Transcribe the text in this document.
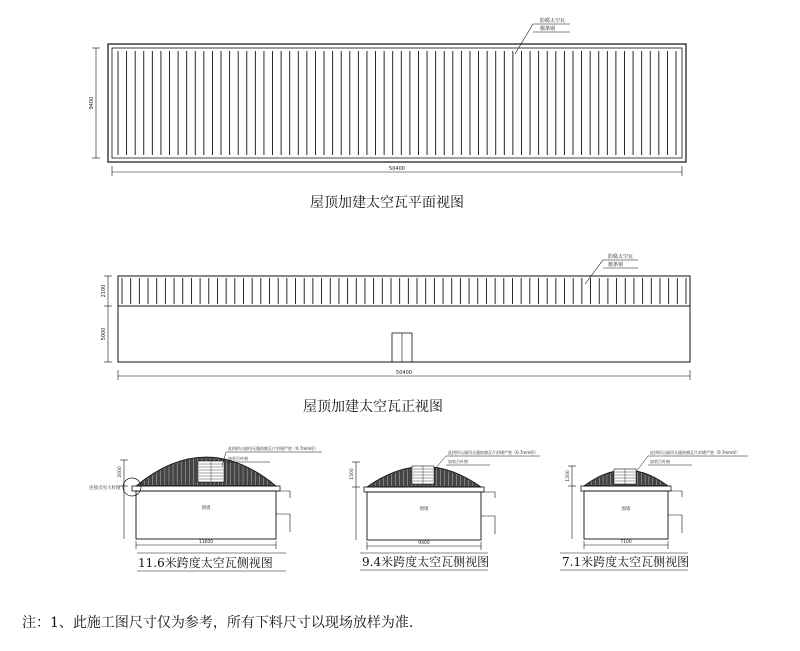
9400
50400
防腐太空瓦
檩条钢
屋顶加建太空瓦平面视图
2100
5000
50400
防腐太空瓦
檩条钢
屋顶加建太空瓦正视图
连接点见大样图
围墙
2000
11600
此拱形山墙用无缝防腐瓦片封堵严密（0.7mm厚）
加装百叶窗
11.6米跨度太空瓦侧视图
围墙
1500
9400
此拱形山墙用无缝防腐瓦片封堵严密（0.7mm厚）
加装百叶窗
9.4米跨度太空瓦侧视图
围墙
1200
7100
此拱形山墙用无缝防腐瓦片封堵严密（0.7mm厚）
加装百叶窗
7.1米跨度太空瓦侧视图
注：1、此施工图尺寸仅为参考，所有下料尺寸以现场放样为准.
